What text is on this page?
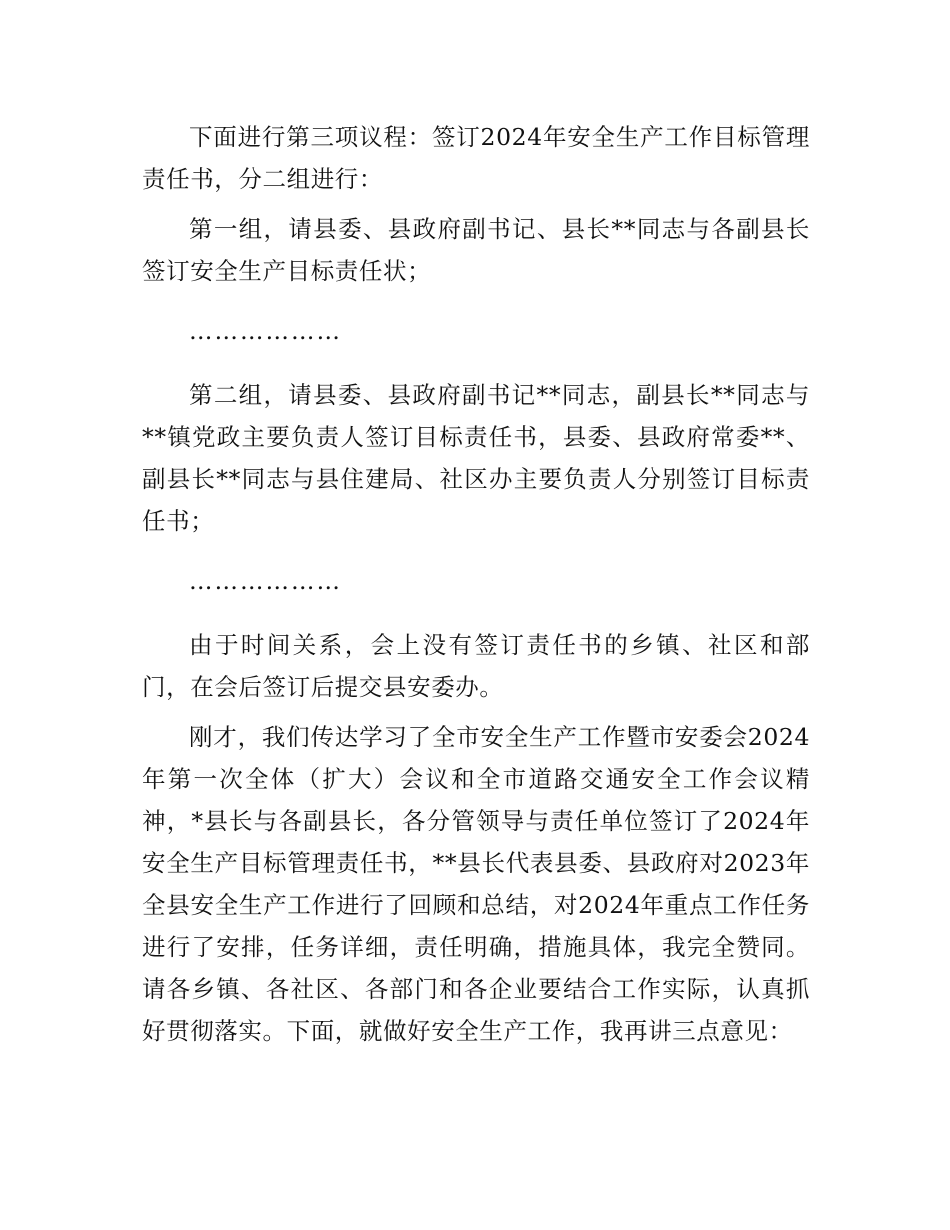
下面进行第三项议程：签订2024年安全生产工作目标管理责任书，分二组进行：

第一组，请县委、县政府副书记、县长**同志与各副县长签订安全生产目标责任状；

………………

第二组，请县委、县政府副书记**同志，副县长**同志与**镇党政主要负责人签订目标责任书，县委、县政府常委**、副县长**同志与县住建局、社区办主要负责人分别签订目标责任书；

………………

由于时间关系，会上没有签订责任书的乡镇、社区和部门，在会后签订后提交县安委办。

刚才，我们传达学习了全市安全生产工作暨市安委会2024年第一次全体（扩大）会议和全市道路交通安全工作会议精神，*县长与各副县长，各分管领导与责任单位签订了2024年安全生产目标管理责任书，**县长代表县委、县政府对2023年全县安全生产工作进行了回顾和总结，对2024年重点工作任务进行了安排，任务详细，责任明确，措施具体，我完全赞同。请各乡镇、各社区、各部门和各企业要结合工作实际，认真抓好贯彻落实。下面，就做好安全生产工作，我再讲三点意见：
